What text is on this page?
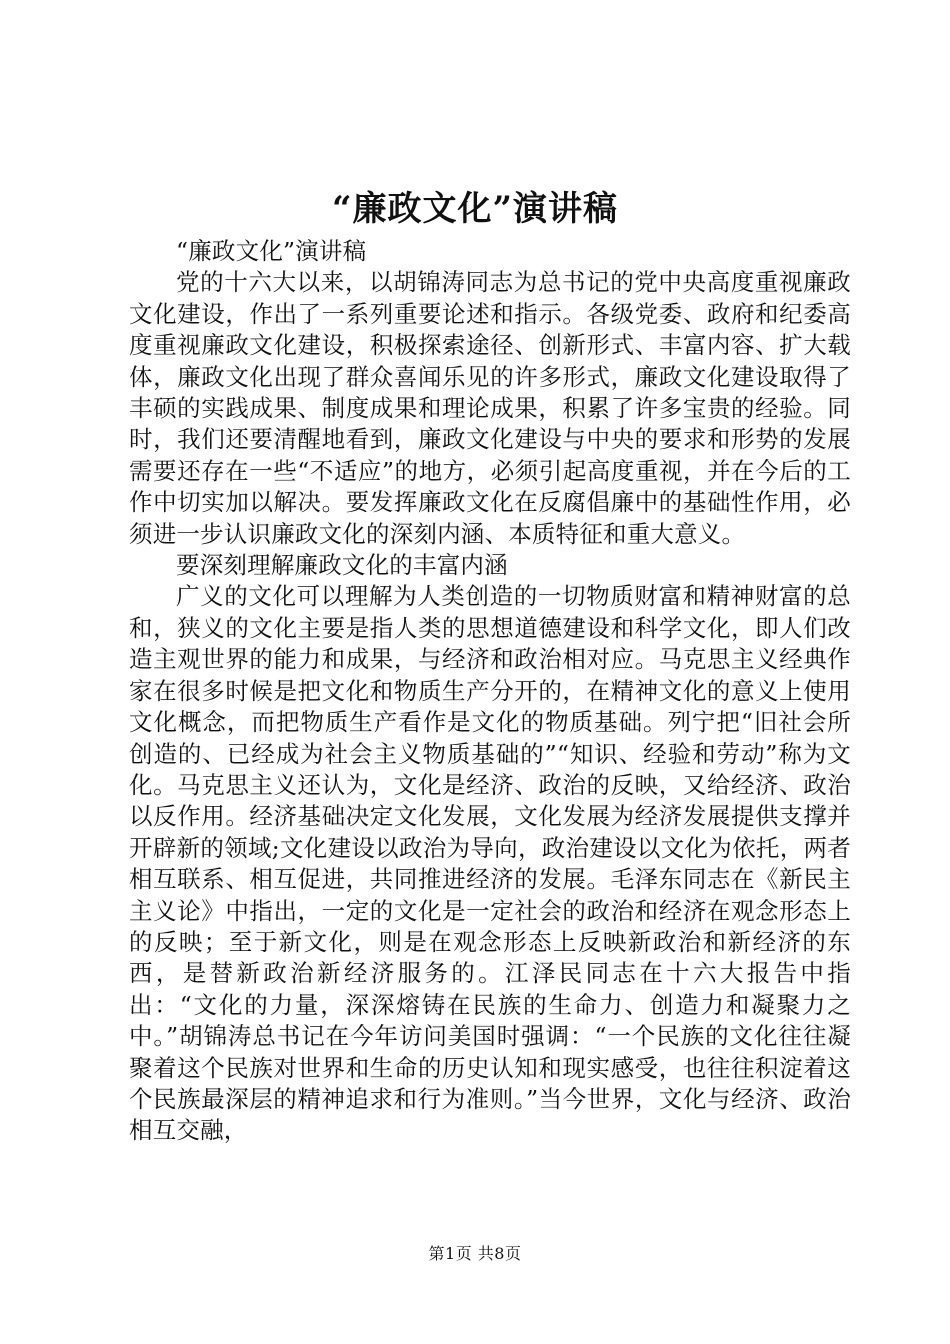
“廉政文化”演讲稿

“廉政文化”演讲稿

党的十六大以来，以胡锦涛同志为总书记的党中央高度重视廉政文化建设，作出了一系列重要论述和指示。各级党委、政府和纪委高度重视廉政文化建设，积极探索途径、创新形式、丰富内容、扩大载体，廉政文化出现了群众喜闻乐见的许多形式，廉政文化建设取得了丰硕的实践成果、制度成果和理论成果，积累了许多宝贵的经验。同时，我们还要清醒地看到，廉政文化建设与中央的要求和形势的发展需要还存在一些“不适应”的地方，必须引起高度重视，并在今后的工作中切实加以解决。要发挥廉政文化在反腐倡廉中的基础性作用，必须进一步认识廉政文化的深刻内涵、本质特征和重大意义。

要深刻理解廉政文化的丰富内涵

广义的文化可以理解为人类创造的一切物质财富和精神财富的总和，狭义的文化主要是指人类的思想道德建设和科学文化，即人们改造主观世界的能力和成果，与经济和政治相对应。马克思主义经典作家在很多时候是把文化和物质生产分开的，在精神文化的意义上使用文化概念，而把物质生产看作是文化的物质基础。列宁把“旧社会所创造的、已经成为社会主义物质基础的”“知识、经验和劳动”称为文化。马克思主义还认为，文化是经济、政治的反映，又给经济、政治以反作用。经济基础决定文化发展，文化发展为经济发展提供支撑并开辟新的领域;文化建设以政治为导向，政治建设以文化为依托，两者相互联系、相互促进，共同推进经济的发展。毛泽东同志在《新民主主义论》中指出，一定的文化是一定社会的政治和经济在观念形态上的反映；至于新文化，则是在观念形态上反映新政治和新经济的东西，是替新政治新经济服务的。江泽民同志在十六大报告中指出：“文化的力量，深深熔铸在民族的生命力、创造力和凝聚力之中。”胡锦涛总书记在今年访问美国时强调：“一个民族的文化往往凝聚着这个民族对世界和生命的历史认知和现实感受，也往往积淀着这个民族最深层的精神追求和行为准则。”当今世界，文化与经济、政治相互交融，

第1页 共8页
